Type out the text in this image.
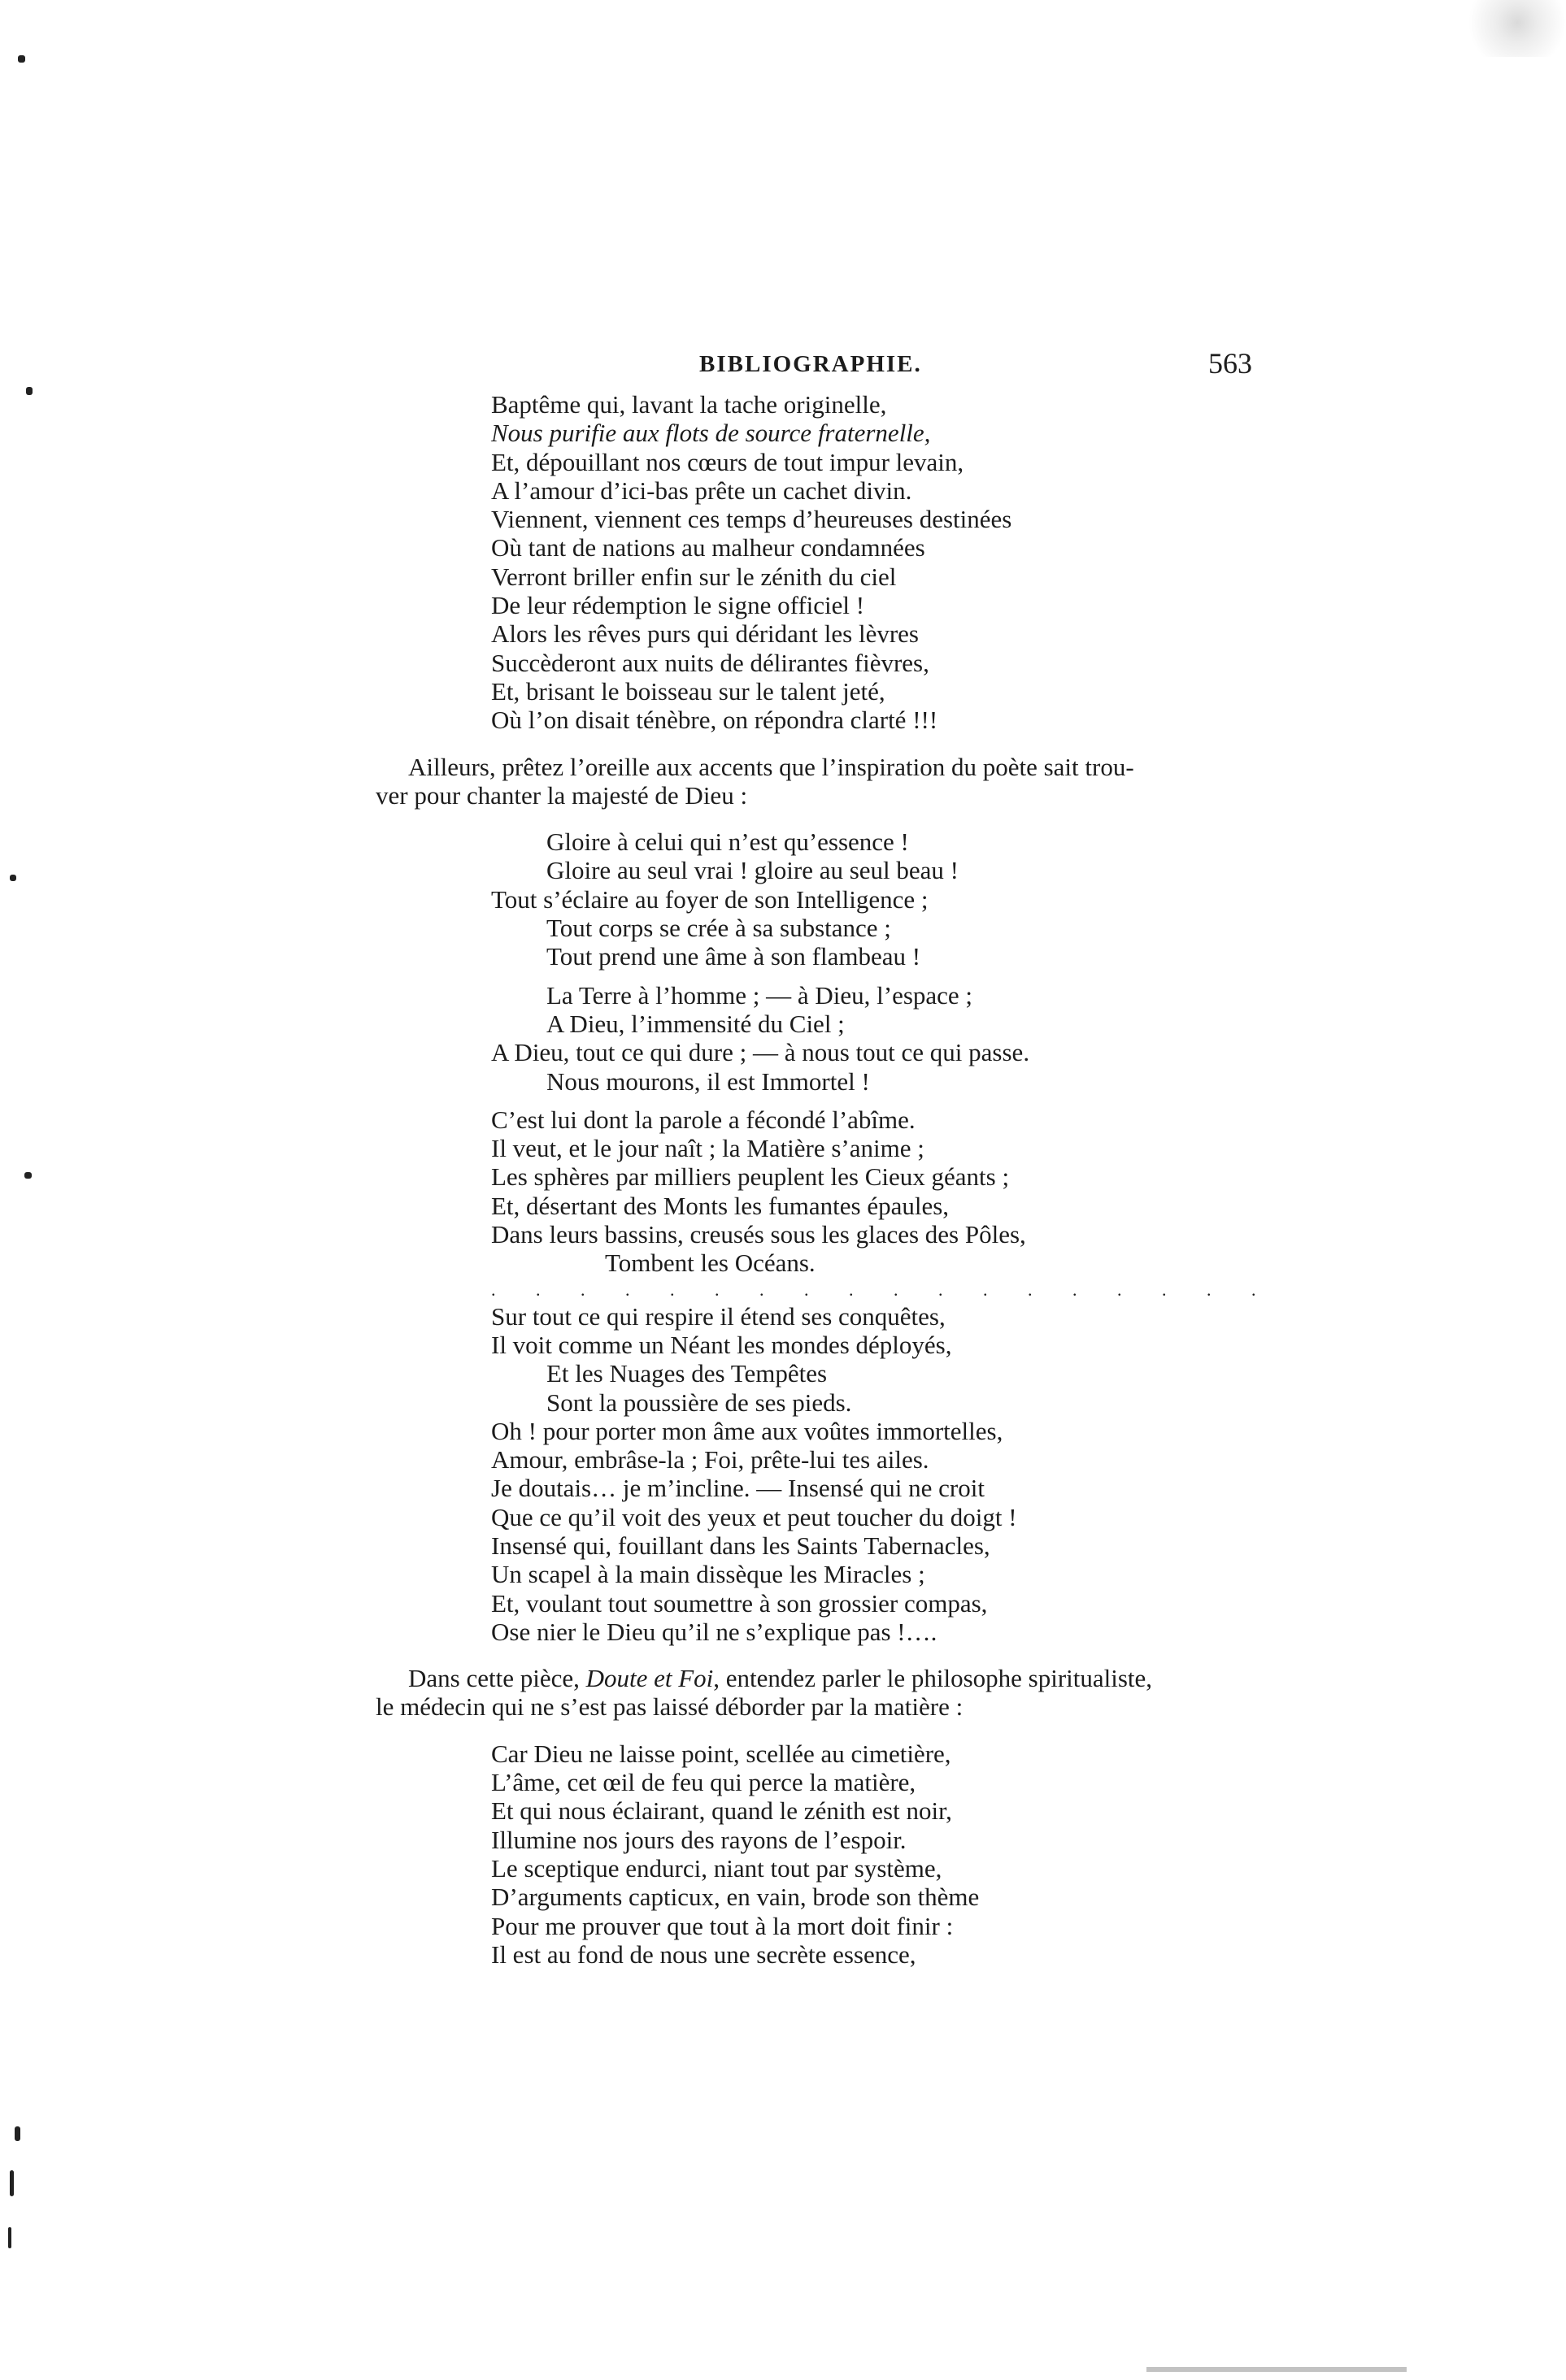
BIBLIOGRAPHIE.	563
Baptême qui, lavant la tache originelle,
Nous purifie aux flots de source fraternelle,
Et, dépouillant nos cœurs de tout impur levain,
A l’amour d’ici-bas prête un cachet divin.
Viennent, viennent ces temps d’heureuses destinées
Où tant de nations au malheur condamnées
Verront briller enfin sur le zénith du ciel
De leur rédemption le signe officiel !
Alors les rêves purs qui déridant les lèvres
Succèderont aux nuits de délirantes fièvres,
Et, brisant le boisseau sur le talent jeté,
Où l’on disait ténèbre, on répondra clarté !!!
Ailleurs, prêtez l’oreille aux accents que l’inspiration du poète sait trou-
ver pour chanter la majesté de Dieu :
Gloire à celui qui n’est qu’essence !
Gloire au seul vrai ! gloire au seul beau !
Tout s’éclaire au foyer de son Intelligence ;
Tout corps se crée à sa substance ;
Tout prend une âme à son flambeau !
La Terre à l’homme ; — à Dieu, l’espace ;
A Dieu, l’immensité du Ciel ;
A Dieu, tout ce qui dure ; — à nous tout ce qui passe.
Nous mourons, il est Immortel !
C’est lui dont la parole a fécondé l’abîme.
Il veut, et le jour naît ; la Matière s’anime ;
Les sphères par milliers peuplent les Cieux géants ;
Et, désertant des Monts les fumantes épaules,
Dans leurs bassins, creusés sous les glaces des Pôles,
Tombent les Océans.
. . . . . . . . . . . . . . . . . .
Sur tout ce qui respire il étend ses conquêtes,
Il voit comme un Néant les mondes déployés,
Et les Nuages des Tempêtes
Sont la poussière de ses pieds.
Oh ! pour porter mon âme aux voûtes immortelles,
Amour, embrâse-la ; Foi, prête-lui tes ailes.
Je doutais… je m’incline. — Insensé qui ne croit
Que ce qu’il voit des yeux et peut toucher du doigt !
Insensé qui, fouillant dans les Saints Tabernacles,
Un scapel à la main dissèque les Miracles ;
Et, voulant tout soumettre à son grossier compas,
Ose nier le Dieu qu’il ne s’explique pas !….
Dans cette pièce, Doute et Foi, entendez parler le philosophe spiritualiste,
le médecin qui ne s’est pas laissé déborder par la matière :
Car Dieu ne laisse point, scellée au cimetière,
L’âme, cet œil de feu qui perce la matière,
Et qui nous éclairant, quand le zénith est noir,
Illumine nos jours des rayons de l’espoir.
Le sceptique endurci, niant tout par système,
D’arguments capticux, en vain, brode son thème
Pour me prouver que tout à la mort doit finir :
Il est au fond de nous une secrète essence,
